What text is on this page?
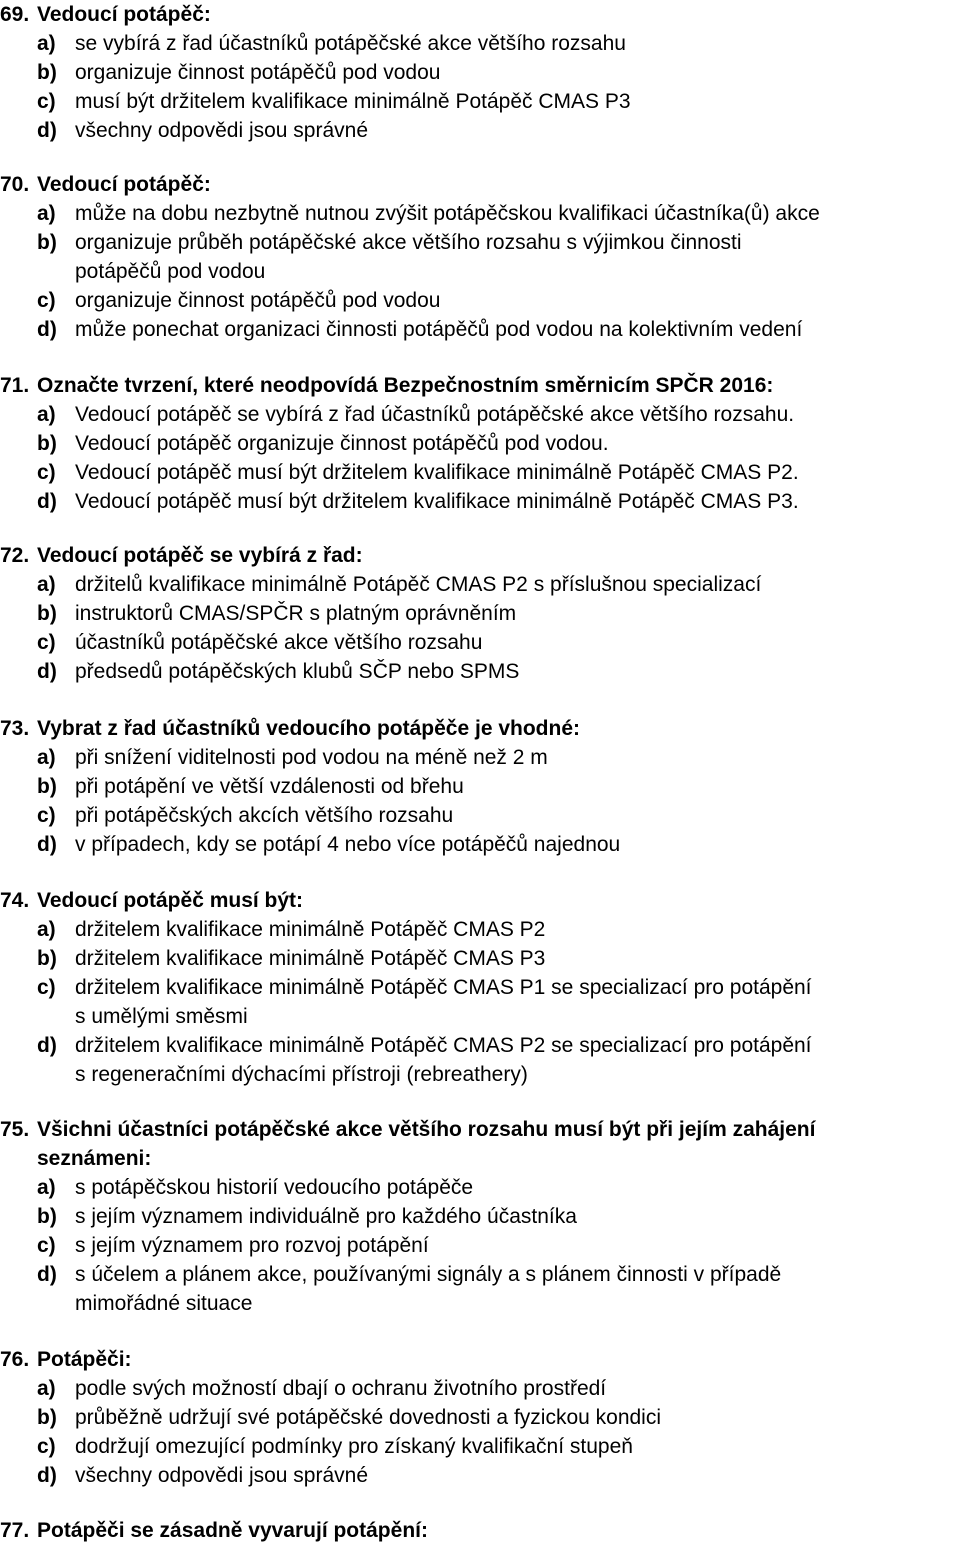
69. Vedoucí potápěč:
a) se vybírá z řad účastníků potápěčské akce většího rozsahu
b) organizuje činnost potápěčů pod vodou
c) musí být držitelem kvalifikace minimálně Potápěč CMAS P3
d) všechny odpovědi jsou správné
70. Vedoucí potápěč:
a) může na dobu nezbytně nutnou zvýšit potápěčskou kvalifikaci účastníka(ů) akce
b) organizuje průběh potápěčské akce většího rozsahu s výjimkou činnosti
potápěčů pod vodou
c) organizuje činnost potápěčů pod vodou
d) může ponechat organizaci činnosti potápěčů pod vodou na kolektivním vedení
71. Označte tvrzení, které neodpovídá Bezpečnostním směrnicím SPČR 2016:
a) Vedoucí potápěč se vybírá z řad účastníků potápěčské akce většího rozsahu.
b) Vedoucí potápěč organizuje činnost potápěčů pod vodou.
c) Vedoucí potápěč musí být držitelem kvalifikace minimálně Potápěč CMAS P2.
d) Vedoucí potápěč musí být držitelem kvalifikace minimálně Potápěč CMAS P3.
72. Vedoucí potápěč se vybírá z řad:
a) držitelů kvalifikace minimálně Potápěč CMAS P2 s příslušnou specializací
b) instruktorů CMAS/SPČR s platným oprávněním
c) účastníků potápěčské akce většího rozsahu
d) předsedů potápěčských klubů SČP nebo SPMS
73. Vybrat z řad účastníků vedoucího potápěče je vhodné:
a) při snížení viditelnosti pod vodou na méně než 2 m
b) při potápění ve větší vzdálenosti od břehu
c) při potápěčských akcích většího rozsahu
d) v případech, kdy se potápí 4 nebo více potápěčů najednou
74. Vedoucí potápěč musí být:
a) držitelem kvalifikace minimálně Potápěč CMAS P2
b) držitelem kvalifikace minimálně Potápěč CMAS P3
c) držitelem kvalifikace minimálně Potápěč CMAS P1 se specializací pro potápění
s umělými směsmi
d) držitelem kvalifikace minimálně Potápěč CMAS P2 se specializací pro potápění
s regeneračními dýchacími přístroji (rebreathery)
75. Všichni účastníci potápěčské akce většího rozsahu musí být při jejím zahájení
seznámeni:
a) s potápěčskou historií vedoucího potápěče
b) s jejím významem individuálně pro každého účastníka
c) s jejím významem pro rozvoj potápění
d) s účelem a plánem akce, používanými signály a s plánem činnosti v případě
mimořádné situace
76. Potápěči:
a) podle svých možností dbají o ochranu životního prostředí
b) průběžně udržují své potápěčské dovednosti a fyzickou kondici
c) dodržují omezující podmínky pro získaný kvalifikační stupeň
d) všechny odpovědi jsou správné
77. Potápěči se zásadně vyvarují potápění:
